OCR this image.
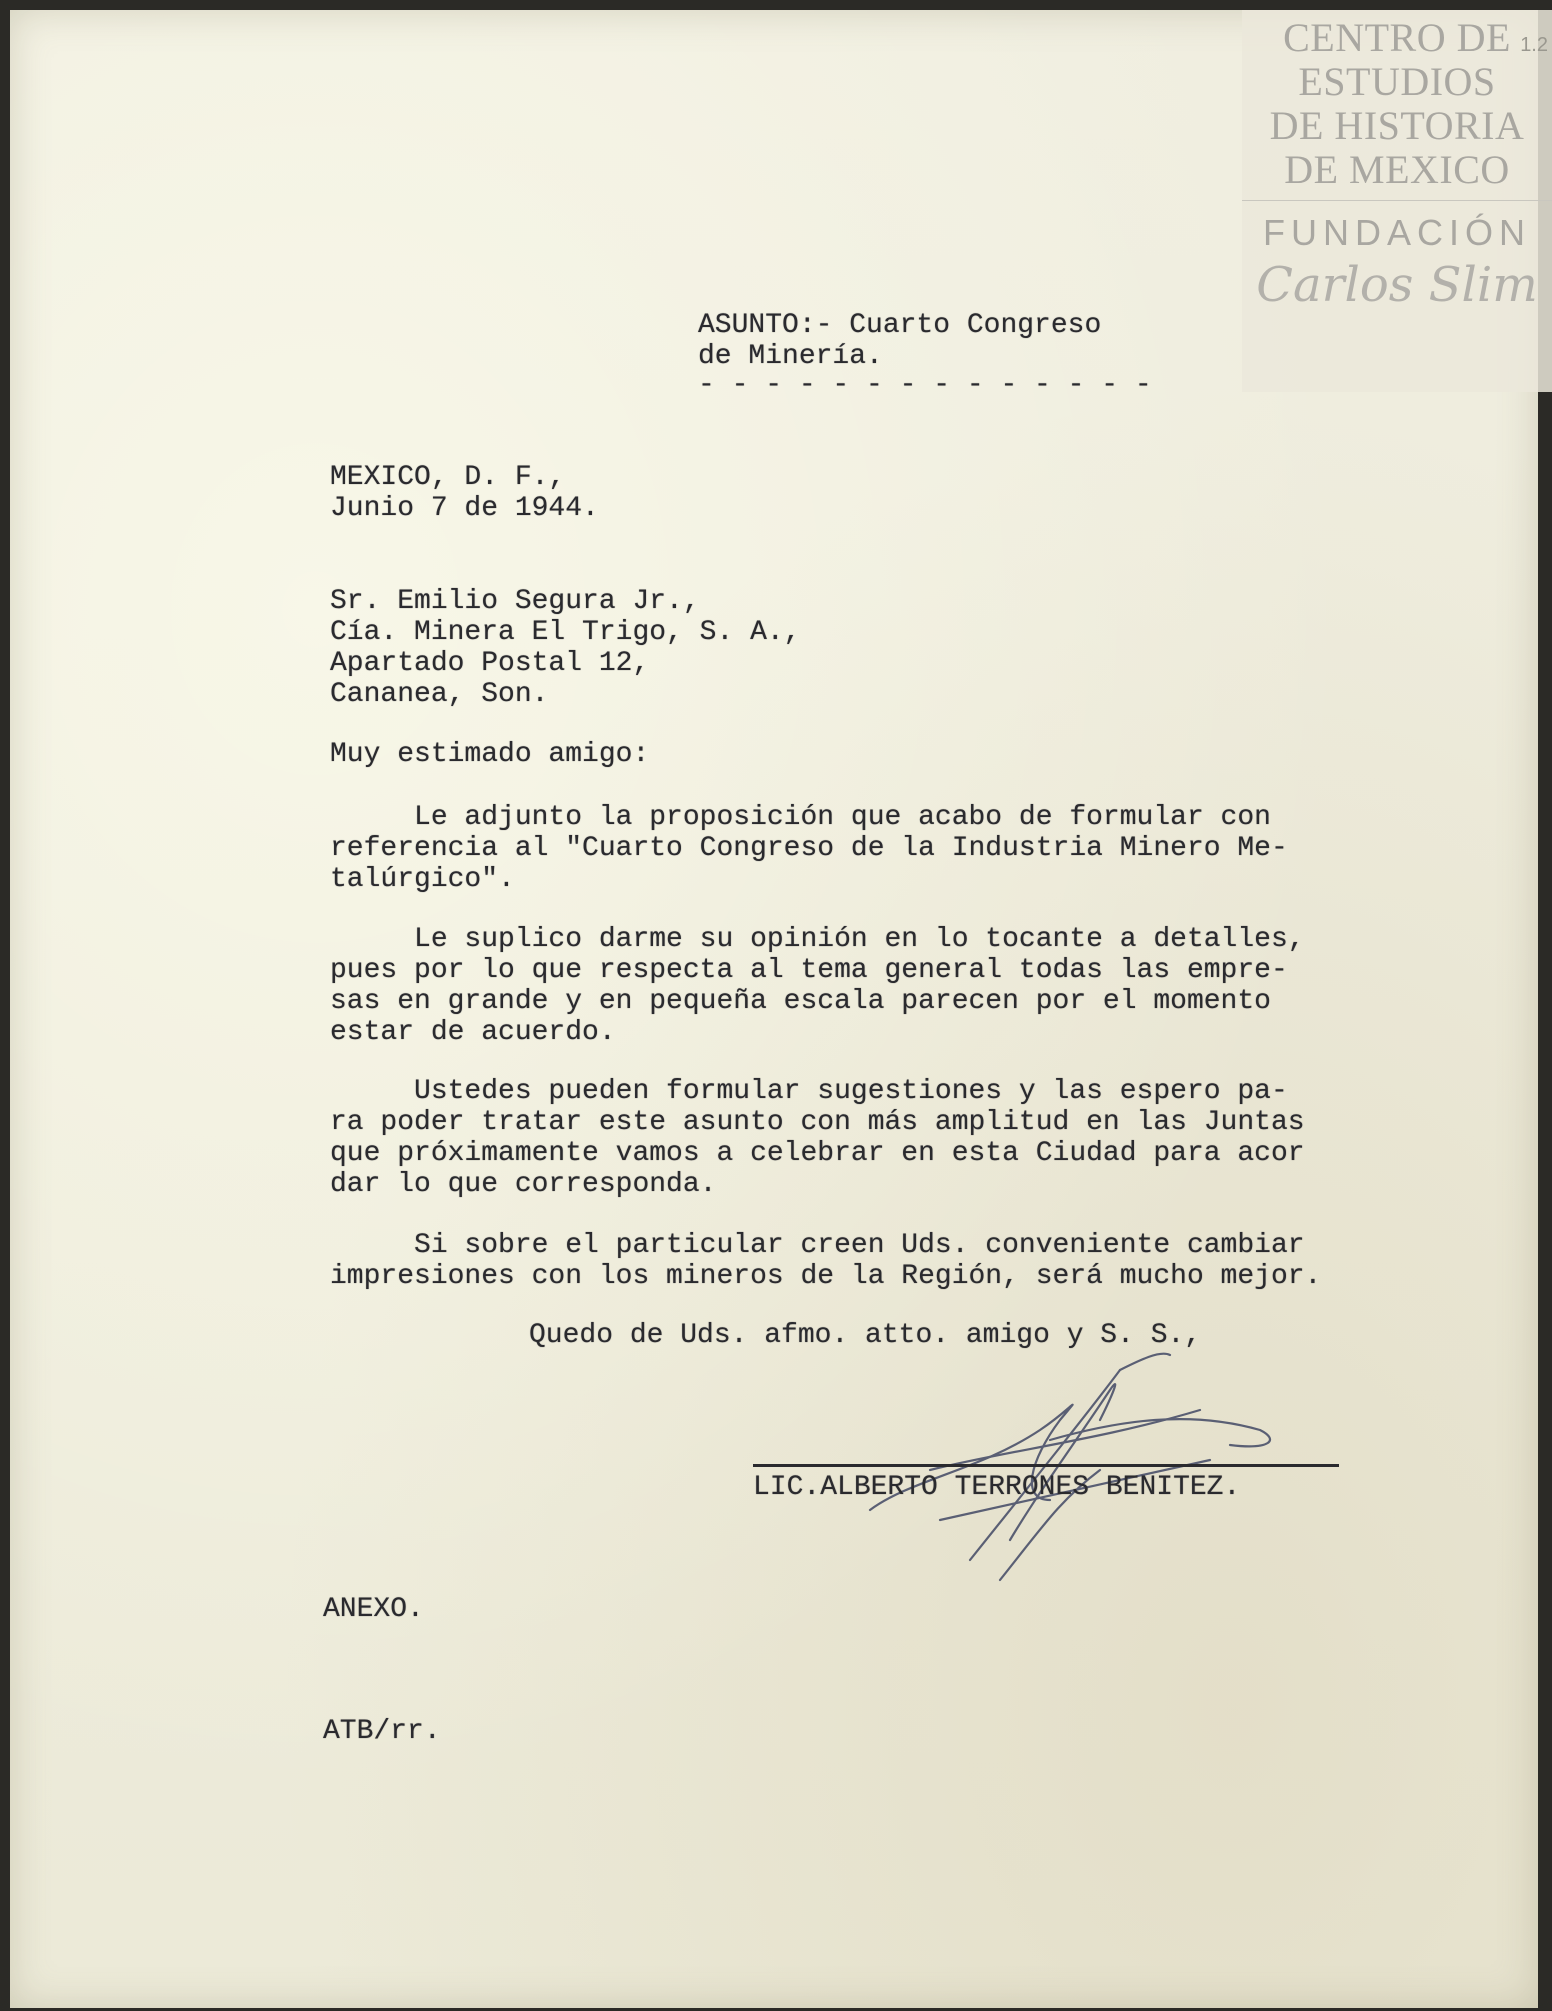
CENTRO DE
ESTUDIOS
DE HISTORIA
DE MEXICO
FUNDACIÓN
Carlos Slim
1.2
ASUNTO:- Cuarto Congreso
de Minería.
- - - - - - - - - - - - - -
MEXICO, D. F.,
Junio 7 de 1944.
Sr. Emilio Segura Jr.,
Cía. Minera El Trigo, S. A.,
Apartado Postal 12,
Cananea, Son.
Muy estimado amigo:
Le adjunto la proposición que acabo de formular con
referencia al "Cuarto Congreso de la Industria Minero Me-
talúrgico".
Le suplico darme su opinión en lo tocante a detalles,
pues por lo que respecta al tema general todas las empre-
sas en grande y en pequeña escala parecen por el momento
estar de acuerdo.
Ustedes pueden formular sugestiones y las espero pa-
ra poder tratar este asunto con más amplitud en las Juntas
que próximamente vamos a celebrar en esta Ciudad para acor
dar lo que corresponda.
Si sobre el particular creen Uds. conveniente cambiar
impresiones con los mineros de la Región, será mucho mejor.
Quedo de Uds. afmo. atto. amigo y S. S.,
LIC.ALBERTO TERRONES BENITEZ.
ANEXO.
ATB/rr.
